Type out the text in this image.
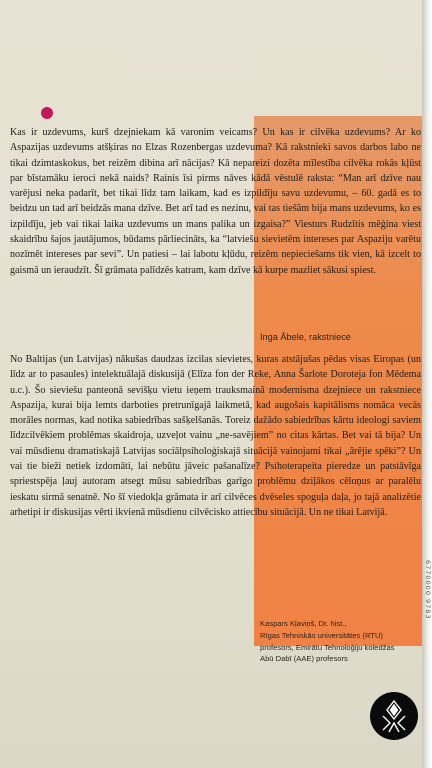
Kas ir uzdevums, kurš dzejniekam kā varonim veicams? Un kas ir cilvēka uzdevums? Ar ko Aspazijas uzdevums atšķiras no Elzas Rozenbergas uzdevuma? Kā rakstnieki savos darbos labo ne tikai dzimtaskokus, bet reizēm dibina arī nācijas? Kā nepareizi dozēta mīlestība cilvēka rokās kļūst par bīstamāku ieroci nekā naids? Rainis īsi pirms nāves kādā vēstulē raksta: “Man arī dzīve nau varējusi neka padarīt, bet tikai līdz tam laikam, kad es izpildīju savu uzdevumu, – 60. gadā es to beidzu un tad arī beidzās mana dzīve. Bet arī tad es nezinu, vai tas tiešām bija mans uzdevums, ko es izpildīju, jeb vai tikai laika uzdevums un mans palika un izgaisa?” Viesturs Rudzītis mēģina viest skaidrību šajos jautājumos, būdams pārliecināts, ka “latviešu sievietēm intereses par Aspaziju varētu nozīmēt intereses par sevi”. Un patiesi – lai labotu kļūdu, reizēm nepieciešams tik vien, kā izcelt to gaismā un ieraudzīt. Šī grāmata palīdzēs katram, kam dzīve kā kurpe mazliet sākusi spiest.

Inga Ābele, rakstniece

No Baltijas (un Latvijas) nākušas daudzas izcilas sievietes, kuras atstājušas pēdas visas Eiropas (un līdz ar to pasaules) intelektuālajā diskusijā (Elīza fon der Reke, Anna Šarlote Doroteja fon Mēdema u.c.). Šo sieviešu panteonā sevišķu vietu ieņem trauksmainā modernisma dzejniece un rakstniece Aspazija, kurai bija lemts darboties pretrunīgajā laikmetā, kad augošais kapitālisms nomāca vecās morāles normas, kad notika sabiedrības sašķelšanās. Toreiz dažādo sabiedrības kārtu ideologi saviem līdzcilvēkiem problēmas skaidroja, uzveļot vainu „ne-savējiem” no citas kārtas. Bet vai tā bija? Un vai mūsdienu dramatiskajā Latvijas sociālpsiholoģiskajā situācijā vainojami tikai „ārējie spēki”? Un vai tie bieži netiek izdomāti, lai nebūtu jāveic pašanalīze? Psihoterapeita pieredze un patstāvīga spriestspēja ļauj autoram atsegt mūsu sabiedrības garīgo problēmu dziļākos cēloņus ar paralēlu ieskatu sirmā senatnē. No šī viedokļa grāmata ir arī cilvēces dvēseles spoguļa daļa, jo tajā analizētie arhetipi ir diskusijas vērti ikvienā mūsdienu cilvēcisko attiecību situācijā. Un ne tikai Latvijā.

Kaspars Kļaviņš, Dr. hist.,
Rīgas Tehniskās universitātes (RTU)
profesors, Emirātu Tehnoloģiju koledžas
Abū Dabī (AAE) profesors
6770000 9783
